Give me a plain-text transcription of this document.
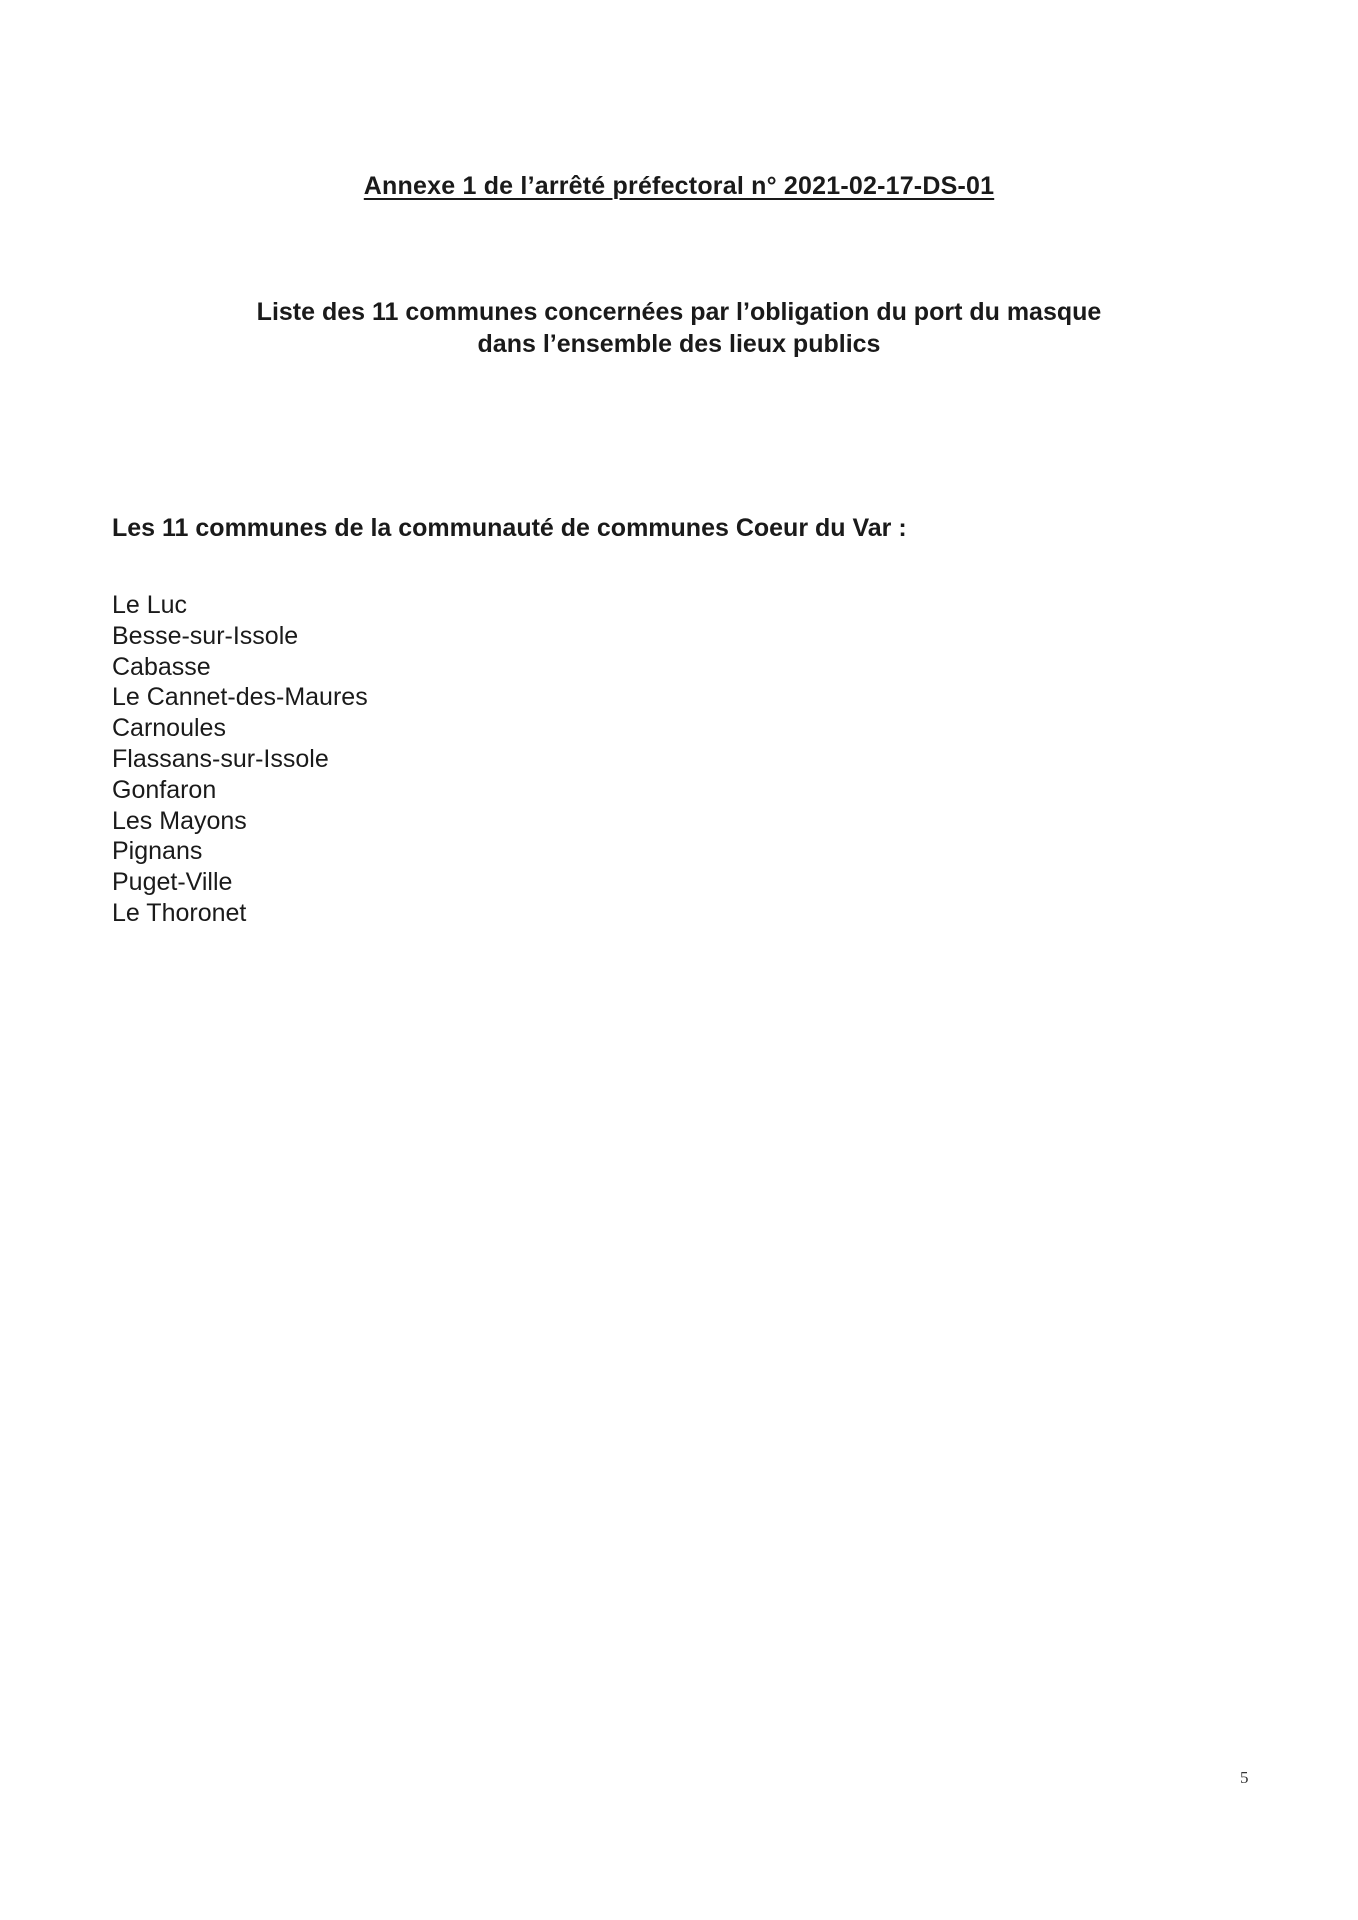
Annexe 1 de l’arrêté préfectoral n° 2021-02-17-DS-01
Liste des 11 communes concernées par l’obligation du port du masque
dans l’ensemble des lieux publics
Les 11 communes de la communauté de communes Coeur du Var :
Le Luc
Besse-sur-Issole
Cabasse
Le Cannet-des-Maures
Carnoules
Flassans-sur-Issole
Gonfaron
Les Mayons
Pignans
Puget-Ville
Le Thoronet
5
